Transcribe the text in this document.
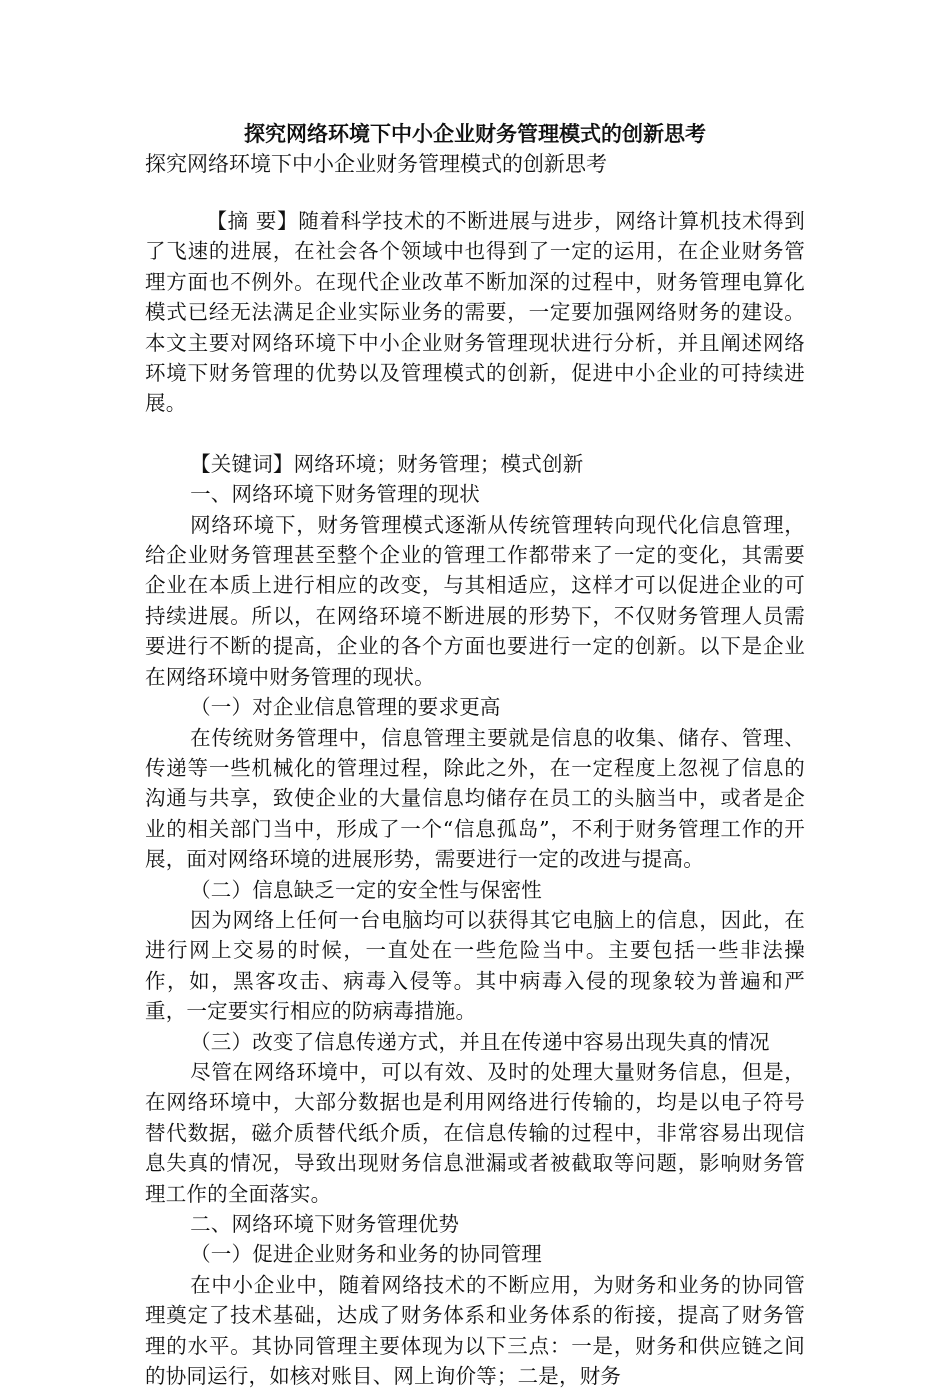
探究网络环境下中小企业财务管理模式的创新思考
探究网络环境下中小企业财务管理模式的创新思考

【摘 要】随着科学技术的不断进展与进步，网络计算机技术得到了飞速的进展，在社会各个领域中也得到了一定的运用，在企业财务管理方面也不例外。在现代企业改革不断加深的过程中，财务管理电算化模式已经无法满足企业实际业务的需要，一定要加强网络财务的建设。本文主要对网络环境下中小企业财务管理现状进行分析，并且阐述网络环境下财务管理的优势以及管理模式的创新，促进中小企业的可持续进展。

【关键词】网络环境；财务管理；模式创新

一、网络环境下财务管理的现状

网络环境下，财务管理模式逐渐从传统管理转向现代化信息管理，给企业财务管理甚至整个企业的管理工作都带来了一定的变化，其需要企业在本质上进行相应的改变，与其相适应，这样才可以促进企业的可持续进展。所以，在网络环境不断进展的形势下，不仅财务管理人员需要进行不断的提高，企业的各个方面也要进行一定的创新。以下是企业在网络环境中财务管理的现状。

（一）对企业信息管理的要求更高

在传统财务管理中，信息管理主要就是信息的收集、储存、管理、传递等一些机械化的管理过程，除此之外，在一定程度上忽视了信息的沟通与共享，致使企业的大量信息均储存在员工的头脑当中，或者是企业的相关部门当中，形成了一个“信息孤岛”，不利于财务管理工作的开展，面对网络环境的进展形势，需要进行一定的改进与提高。

（二）信息缺乏一定的安全性与保密性

因为网络上任何一台电脑均可以获得其它电脑上的信息，因此，在进行网上交易的时候，一直处在一些危险当中。主要包括一些非法操作，如，黑客攻击、病毒入侵等。其中病毒入侵的现象较为普遍和严重，一定要实行相应的防病毒措施。

（三）改变了信息传递方式，并且在传递中容易出现失真的情况

尽管在网络环境中，可以有效、及时的处理大量财务信息，但是，在网络环境中，大部分数据也是利用网络进行传输的，均是以电子符号替代数据，磁介质替代纸介质，在信息传输的过程中，非常容易出现信息失真的情况，导致出现财务信息泄漏或者被截取等问题，影响财务管理工作的全面落实。

二、网络环境下财务管理优势

（一）促进企业财务和业务的协同管理

在中小企业中，随着网络技术的不断应用，为财务和业务的协同管理奠定了技术基础，达成了财务体系和业务体系的衔接，提高了财务管理的水平。其协同管理主要体现为以下三点：一是，财务和供应链之间的协同运行，如核对账目、网上询价等；二是，财务
